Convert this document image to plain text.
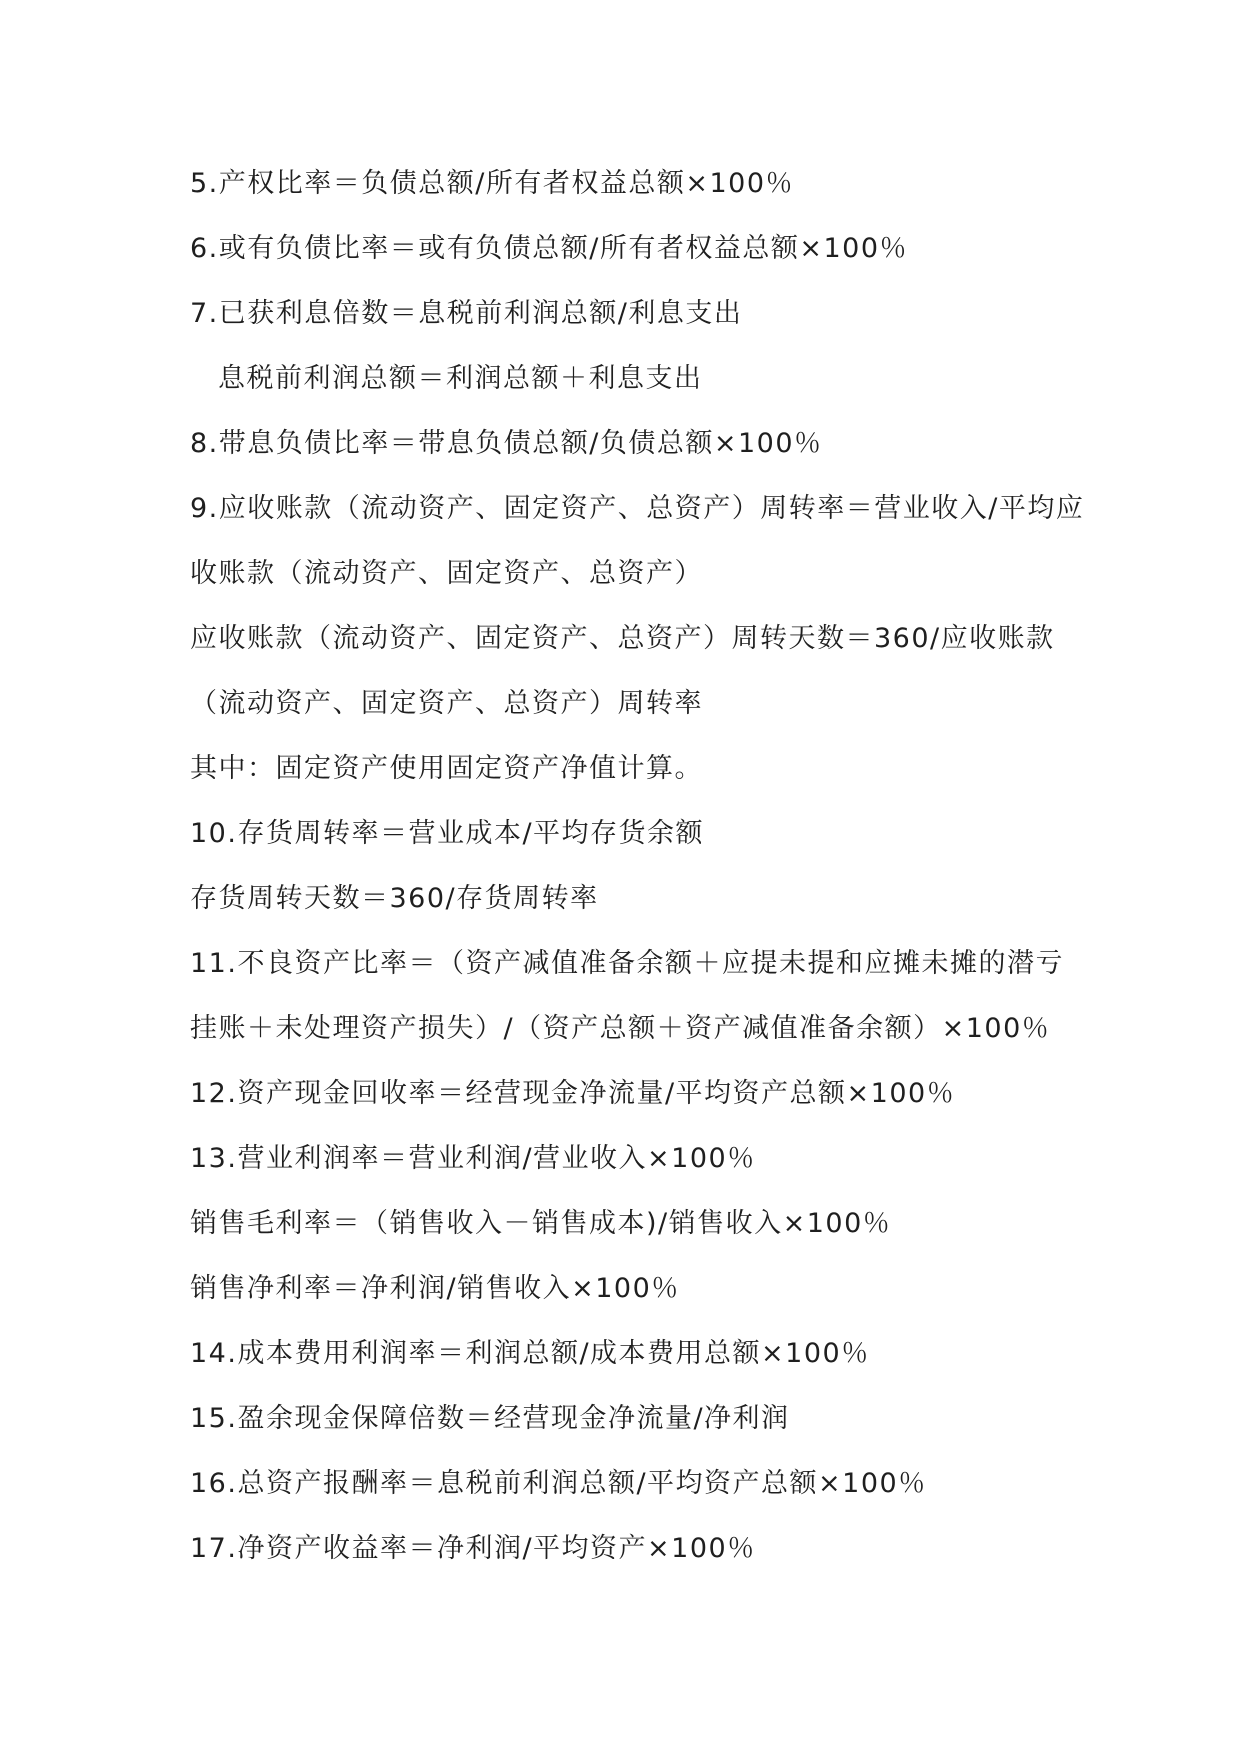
5.产权比率＝负债总额/所有者权益总额×100％
6.或有负债比率＝或有负债总额/所有者权益总额×100％
7.已获利息倍数＝息税前利润总额/利息支出
息税前利润总额＝利润总额＋利息支出
8.带息负债比率＝带息负债总额/负债总额×100％
9.应收账款（流动资产、固定资产、总资产）周转率＝营业收入/平均应
收账款（流动资产、固定资产、总资产）
应收账款（流动资产、固定资产、总资产）周转天数＝360/应收账款
（流动资产、固定资产、总资产）周转率
其中：固定资产使用固定资产净值计算。
10.存货周转率＝营业成本/平均存货余额
存货周转天数＝360/存货周转率
11.不良资产比率＝（资产减值准备余额＋应提未提和应摊未摊的潜亏
挂账＋未处理资产损失）/（资产总额＋资产减值准备余额）×100％
12.资产现金回收率＝经营现金净流量/平均资产总额×100％
13.营业利润率＝营业利润/营业收入×100％
销售毛利率＝（销售收入－销售成本)/销售收入×100％
销售净利率＝净利润/销售收入×100％
14.成本费用利润率＝利润总额/成本费用总额×100％
15.盈余现金保障倍数＝经营现金净流量/净利润
16.总资产报酬率＝息税前利润总额/平均资产总额×100％
17.净资产收益率＝净利润/平均资产×100％
